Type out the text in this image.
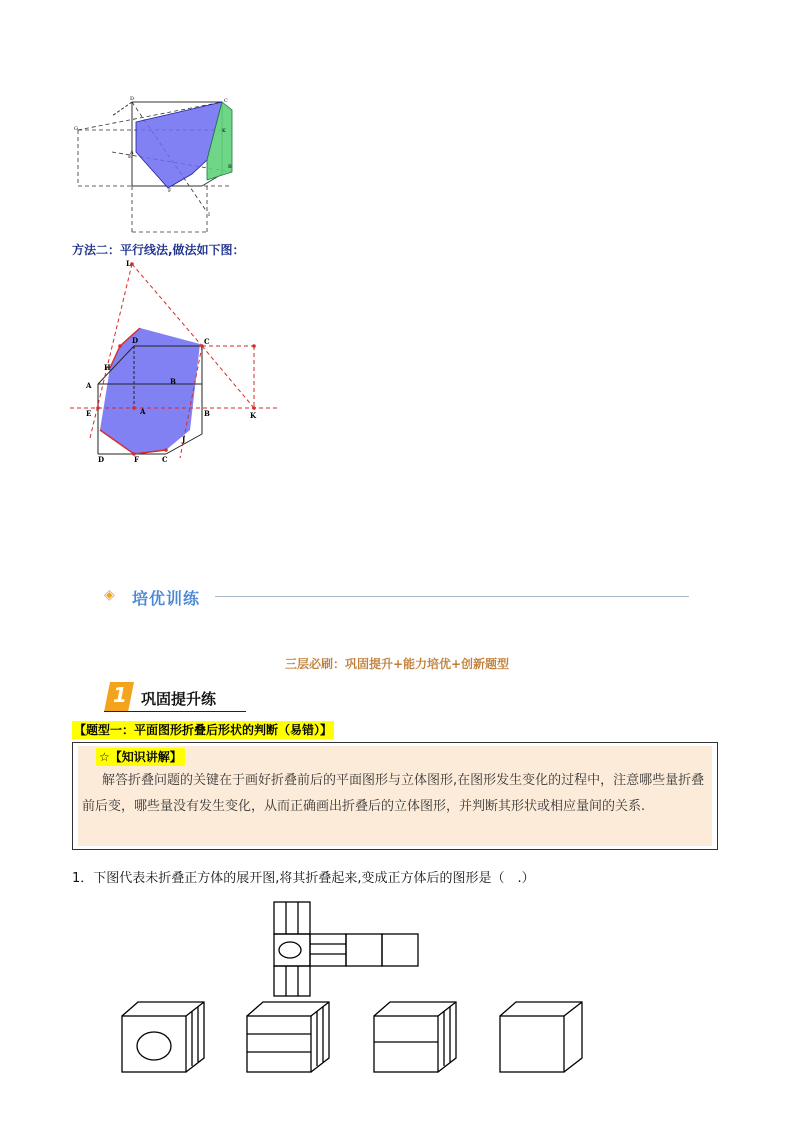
D	C
G
A
K
E
B
F
I
方法二：平行线法,做法如下图：
L
D	C
H
A	B
E	A	B	K
D	F	C
J
◈ 培优训练
三层必刷：巩固提升+能力培优+创新题型
1 巩固提升练
【题型一：平面图形折叠后形状的判断（易错）】
☆【知识讲解】
解答折叠问题的关键在于画好折叠前后的平面图形与立体图形,在图形发生变化的过程中，注意哪些量折叠前后变，哪些量没有发生变化，从而正确画出折叠后的立体图形，并判断其形状或相应量间的关系.
1．下图代表未折叠正方体的展开图,将其折叠起来,变成正方体后的图形是（　.）
